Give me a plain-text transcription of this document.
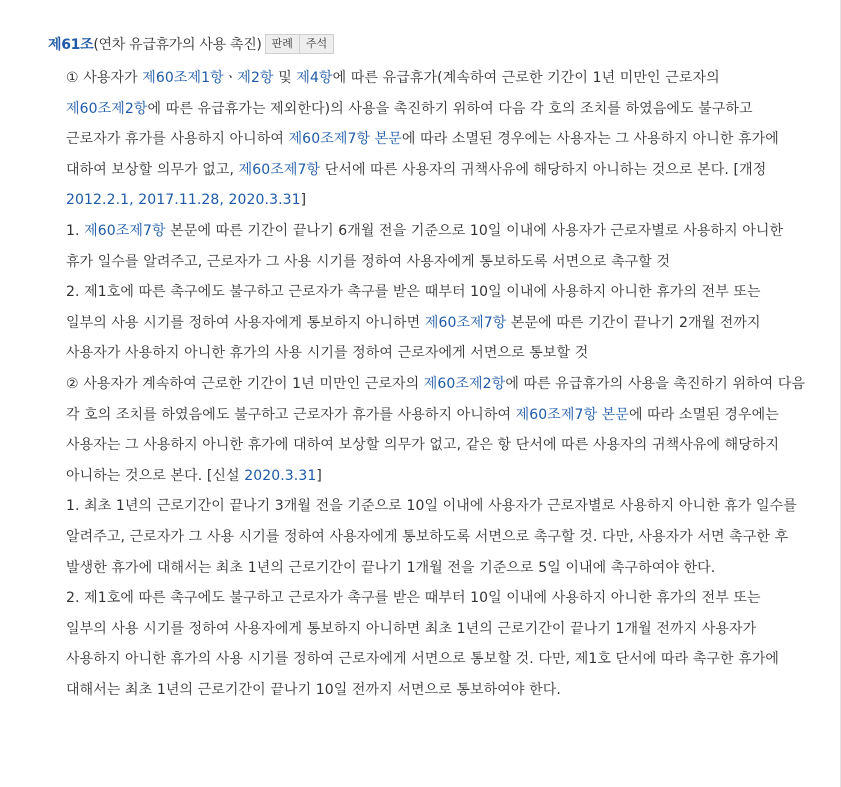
제61조 (연차 유급휴가의 사용 촉진) 판례	주석

① 사용자가 제60조제1항ㆍ제2항 및 제4항에 따른 유급휴가(계속하여 근로한 기간이 1년 미만인 근로자의 제60조제2항에 따른 유급휴가는 제외한다)의 사용을 촉진하기 위하여 다음 각 호의 조치를 하였음에도 불구하고 근로자가 휴가를 사용하지 아니하여 제60조제7항 본문에 따라 소멸된 경우에는 사용자는 그 사용하지 아니한 휴가에 대하여 보상할 의무가 없고, 제60조제7항 단서에 따른 사용자의 귀책사유에 해당하지 아니하는 것으로 본다. [개정 2012.2.1, 2017.11.28, 2020.3.31]

1. 제60조제7항 본문에 따른 기간이 끝나기 6개월 전을 기준으로 10일 이내에 사용자가 근로자별로 사용하지 아니한 휴가 일수를 알려주고, 근로자가 그 사용 시기를 정하여 사용자에게 통보하도록 서면으로 촉구할 것

2. 제1호에 따른 촉구에도 불구하고 근로자가 촉구를 받은 때부터 10일 이내에 사용하지 아니한 휴가의 전부 또는 일부의 사용 시기를 정하여 사용자에게 통보하지 아니하면 제60조제7항 본문에 따른 기간이 끝나기 2개월 전까지 사용자가 사용하지 아니한 휴가의 사용 시기를 정하여 근로자에게 서면으로 통보할 것

② 사용자가 계속하여 근로한 기간이 1년 미만인 근로자의 제60조제2항에 따른 유급휴가의 사용을 촉진하기 위하여 다음 각 호의 조치를 하였음에도 불구하고 근로자가 휴가를 사용하지 아니하여 제60조제7항 본문에 따라 소멸된 경우에는 사용자는 그 사용하지 아니한 휴가에 대하여 보상할 의무가 없고, 같은 항 단서에 따른 사용자의 귀책사유에 해당하지 아니하는 것으로 본다. [신설 2020.3.31]

1. 최초 1년의 근로기간이 끝나기 3개월 전을 기준으로 10일 이내에 사용자가 근로자별로 사용하지 아니한 휴가 일수를 알려주고, 근로자가 그 사용 시기를 정하여 사용자에게 통보하도록 서면으로 촉구할 것. 다만, 사용자가 서면 촉구한 후 발생한 휴가에 대해서는 최초 1년의 근로기간이 끝나기 1개월 전을 기준으로 5일 이내에 촉구하여야 한다.

2. 제1호에 따른 촉구에도 불구하고 근로자가 촉구를 받은 때부터 10일 이내에 사용하지 아니한 휴가의 전부 또는 일부의 사용 시기를 정하여 사용자에게 통보하지 아니하면 최초 1년의 근로기간이 끝나기 1개월 전까지 사용자가 사용하지 아니한 휴가의 사용 시기를 정하여 근로자에게 서면으로 통보할 것. 다만, 제1호 단서에 따라 촉구한 휴가에 대해서는 최초 1년의 근로기간이 끝나기 10일 전까지 서면으로 통보하여야 한다.
